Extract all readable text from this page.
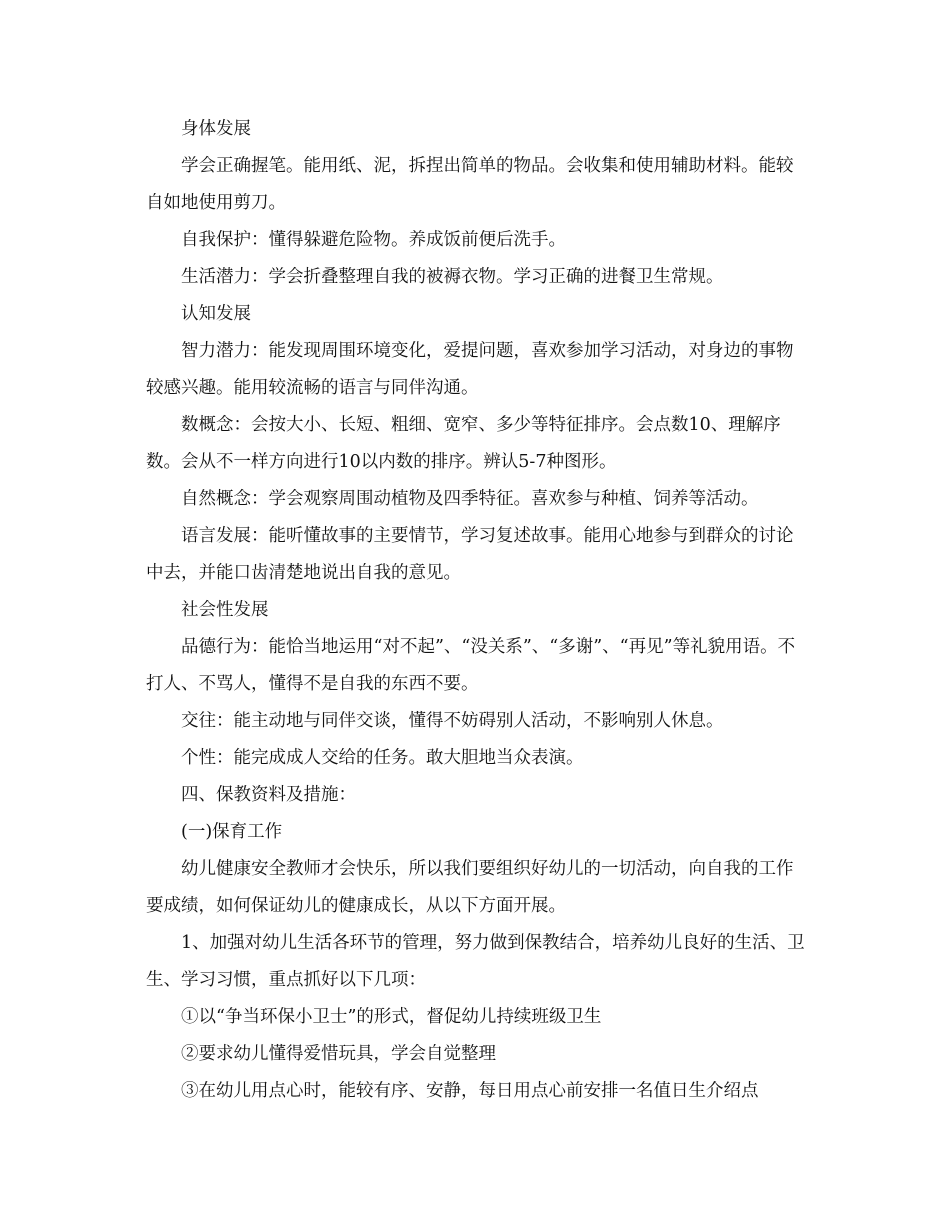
身体发展

学会正确握笔。能用纸、泥，拆捏出简单的物品。会收集和使用辅助材料。能较自如地使用剪刀。

自我保护：懂得躲避危险物。养成饭前便后洗手。

生活潜力：学会折叠整理自我的被褥衣物。学习正确的进餐卫生常规。

认知发展

智力潜力：能发现周围环境变化，爱提问题，喜欢参加学习活动，对身边的事物较感兴趣。能用较流畅的语言与同伴沟通。

数概念：会按大小、长短、粗细、宽窄、多少等特征排序。会点数10、理解序数。会从不一样方向进行10以内数的排序。辨认5-7种图形。

自然概念：学会观察周围动植物及四季特征。喜欢参与种植、饲养等活动。

语言发展：能听懂故事的主要情节，学习复述故事。能用心地参与到群众的讨论中去，并能口齿清楚地说出自我的意见。

社会性发展

品德行为：能恰当地运用“对不起”、“没关系”、“多谢”、“再见”等礼貌用语。不打人、不骂人，懂得不是自我的东西不要。

交往：能主动地与同伴交谈，懂得不妨碍别人活动，不影响别人休息。

个性：能完成成人交给的任务。敢大胆地当众表演。

四、保教资料及措施：

(一)保育工作

幼儿健康安全教师才会快乐，所以我们要组织好幼儿的一切活动，向自我的工作要成绩，如何保证幼儿的健康成长，从以下方面开展。

1、加强对幼儿生活各环节的管理，努力做到保教结合，培养幼儿良好的生活、卫生、学习习惯，重点抓好以下几项：

①以“争当环保小卫士”的形式，督促幼儿持续班级卫生

②要求幼儿懂得爱惜玩具，学会自觉整理

③在幼儿用点心时，能较有序、安静，每日用点心前安排一名值日生介绍点
